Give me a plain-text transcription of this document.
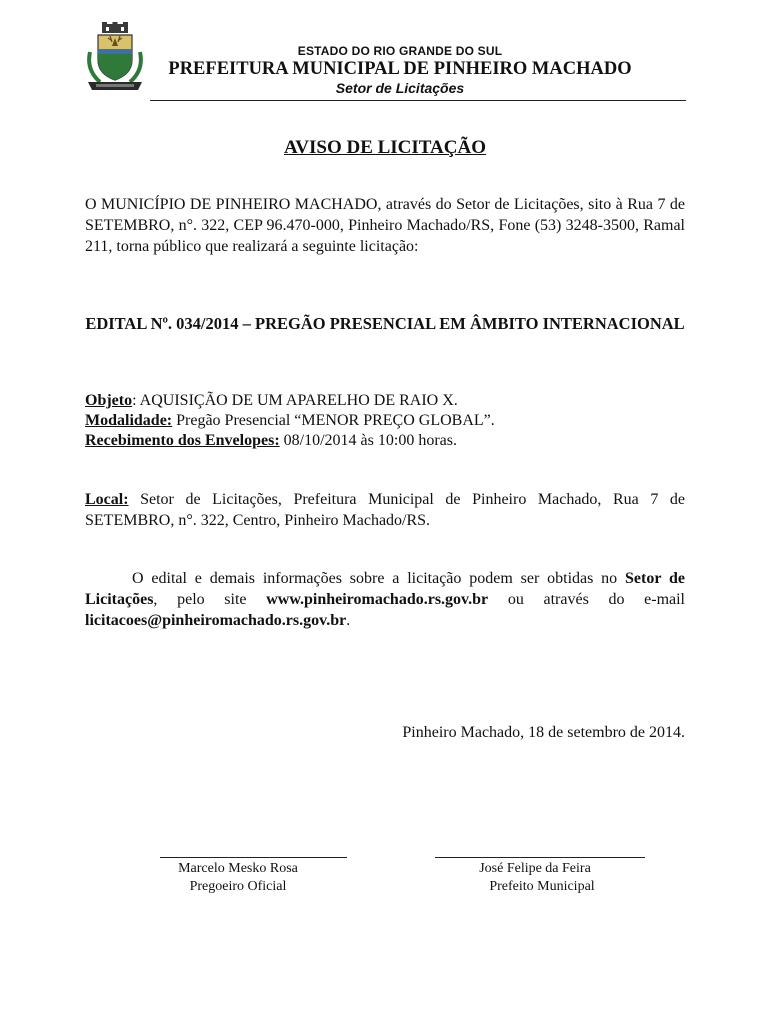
ESTADO DO RIO GRANDE DO SUL
PREFEITURA MUNICIPAL DE PINHEIRO MACHADO
Setor de Licitações
AVISO DE LICITAÇÃO
O MUNICÍPIO DE PINHEIRO MACHADO, através do Setor de Licitações, sito à Rua 7 de SETEMBRO, n°. 322, CEP 96.470-000, Pinheiro Machado/RS, Fone (53) 3248-3500, Ramal 211, torna público que realizará a seguinte licitação:
EDITAL Nº. 034/2014 – PREGÃO PRESENCIAL EM ÂMBITO INTERNACIONAL
Objeto: AQUISIÇÃO DE UM APARELHO DE RAIO X.
Modalidade: Pregão Presencial “MENOR PREÇO GLOBAL”.
Recebimento dos Envelopes: 08/10/2014 às 10:00 horas.
Local: Setor de Licitações, Prefeitura Municipal de Pinheiro Machado, Rua 7 de SETEMBRO, n°. 322, Centro, Pinheiro Machado/RS.
O edital e demais informações sobre a licitação podem ser obtidas no Setor de Licitações, pelo site www.pinheiromachado.rs.gov.br ou através do e-mail licitacoes@pinheiromachado.rs.gov.br.
Pinheiro Machado, 18 de setembro de 2014.
Marcelo Mesko Rosa
Pregoeiro Oficial
José Felipe da Feira
Prefeito Municipal
